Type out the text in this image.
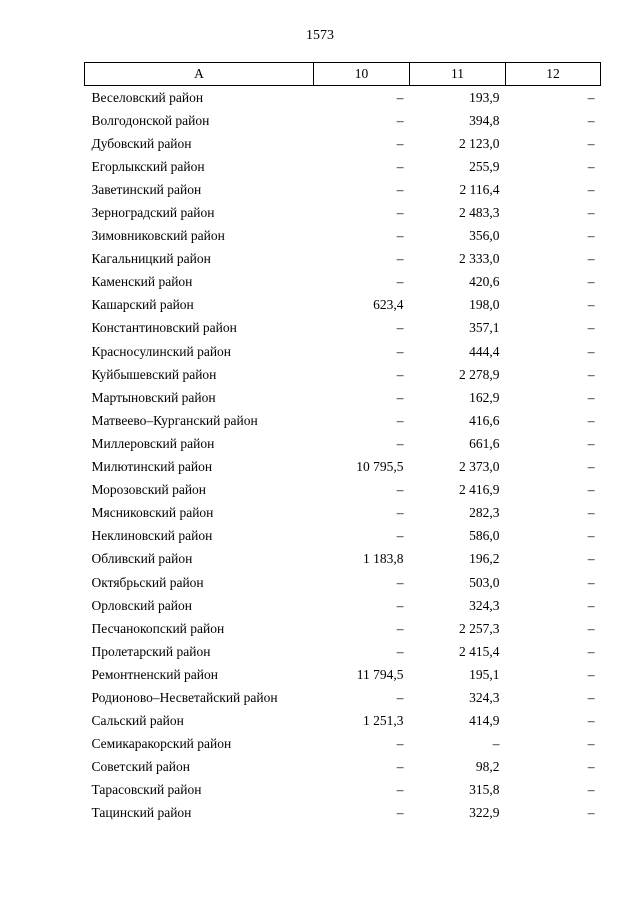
1573
А	10	11	12
Веселовский район	–	193,9	–
Волгодонской район	–	394,8	–
Дубовский район	–	2 123,0	–
Егорлыкский район	–	255,9	–
Заветинский район	–	2 116,4	–
Зерноградский район	–	2 483,3	–
Зимовниковский район	–	356,0	–
Кагальницкий район	–	2 333,0	–
Каменский район	–	420,6	–
Кашарский район	623,4	198,0	–
Константиновский район	–	357,1	–
Красносулинский район	–	444,4	–
Куйбышевский район	–	2 278,9	–
Мартыновский район	–	162,9	–
Матвеево–Курганский район	–	416,6	–
Миллеровский район	–	661,6	–
Милютинский район	10 795,5	2 373,0	–
Морозовский район	–	2 416,9	–
Мясниковский район	–	282,3	–
Неклиновский район	–	586,0	–
Обливский район	1 183,8	196,2	–
Октябрьский район	–	503,0	–
Орловский район	–	324,3	–
Песчанокопский район	–	2 257,3	–
Пролетарский район	–	2 415,4	–
Ремонтненский район	11 794,5	195,1	–
Родионово–Несветайский район	–	324,3	–
Сальский район	1 251,3	414,9	–
Семикаракорский район	–	–	–
Советский район	–	98,2	–
Тарасовский район	–	315,8	–
Тацинский район	–	322,9	–
